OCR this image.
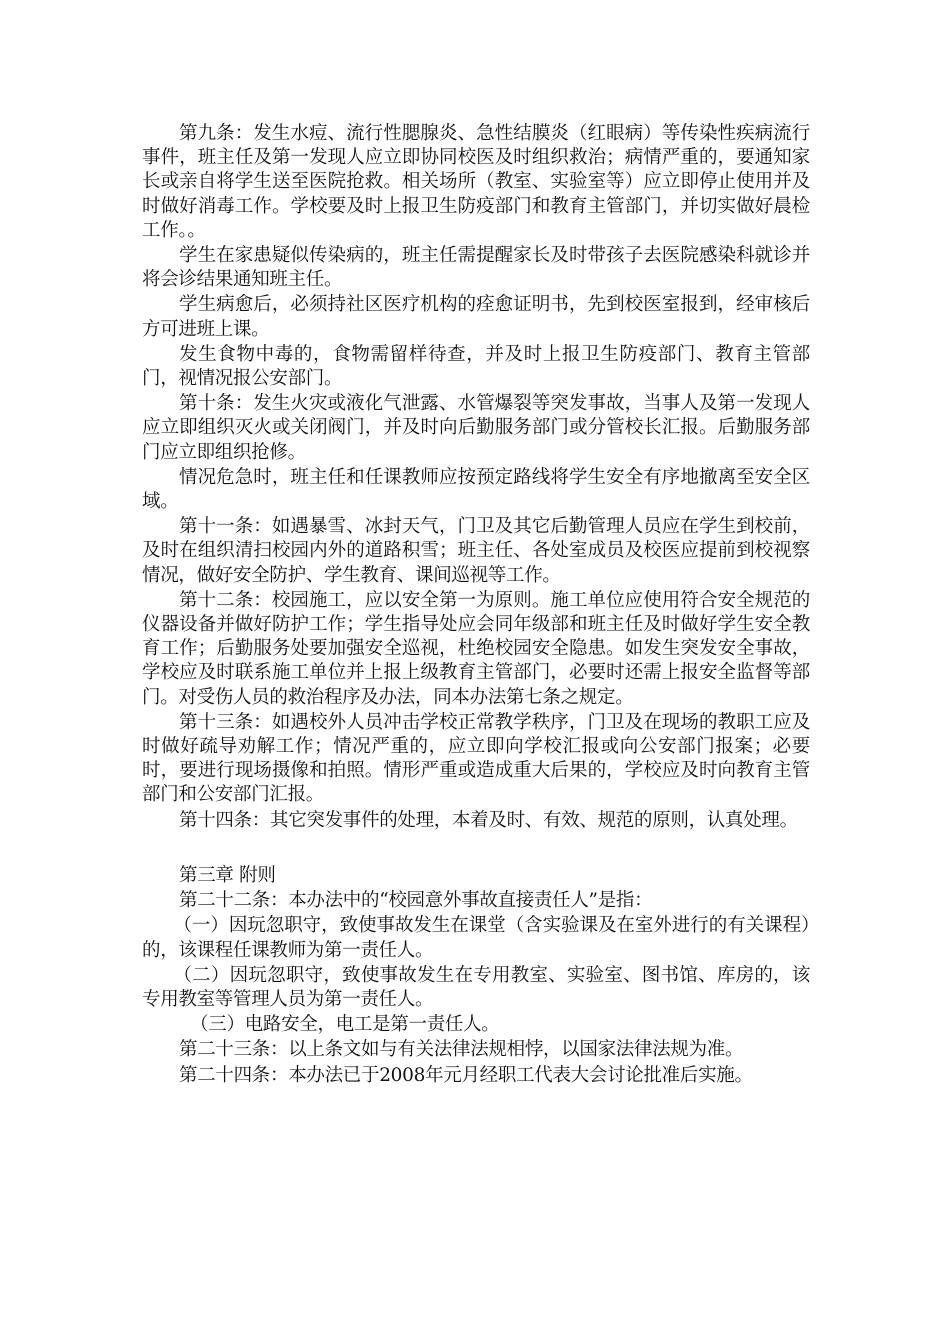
第九条：发生水痘、流行性腮腺炎、急性结膜炎（红眼病）等传染性疾病流行事件，班主任及第一发现人应立即协同校医及时组织救治；病情严重的，要通知家长或亲自将学生送至医院抢救。相关场所（教室、实验室等）应立即停止使用并及时做好消毒工作。学校要及时上报卫生防疫部门和教育主管部门，并切实做好晨检工作。。

学生在家患疑似传染病的，班主任需提醒家长及时带孩子去医院感染科就诊并将会诊结果通知班主任。

学生病愈后，必须持社区医疗机构的痊愈证明书，先到校医室报到，经审核后方可进班上课。

发生食物中毒的，食物需留样待查，并及时上报卫生防疫部门、教育主管部门，视情况报公安部门。

第十条：发生火灾或液化气泄露、水管爆裂等突发事故，当事人及第一发现人应立即组织灭火或关闭阀门，并及时向后勤服务部门或分管校长汇报。后勤服务部门应立即组织抢修。

情况危急时，班主任和任课教师应按预定路线将学生安全有序地撤离至安全区域。

第十一条：如遇暴雪、冰封天气，门卫及其它后勤管理人员应在学生到校前，及时在组织清扫校园内外的道路积雪；班主任、各处室成员及校医应提前到校视察情况，做好安全防护、学生教育、课间巡视等工作。

第十二条：校园施工，应以安全第一为原则。施工单位应使用符合安全规范的仪器设备并做好防护工作；学生指导处应会同年级部和班主任及时做好学生安全教育工作；后勤服务处要加强安全巡视，杜绝校园安全隐患。如发生突发安全事故，学校应及时联系施工单位并上报上级教育主管部门，必要时还需上报安全监督等部门。对受伤人员的救治程序及办法，同本办法第七条之规定。

第十三条：如遇校外人员冲击学校正常教学秩序，门卫及在现场的教职工应及时做好疏导劝解工作；情况严重的，应立即向学校汇报或向公安部门报案；必要时，要进行现场摄像和拍照。情形严重或造成重大后果的，学校应及时向教育主管部门和公安部门汇报。

第十四条：其它突发事件的处理，本着及时、有效、规范的原则，认真处理。

第三章 附则

第二十二条：本办法中的“校园意外事故直接责任人”是指：

（一）因玩忽职守，致使事故发生在课堂（含实验课及在室外进行的有关课程）的，该课程任课教师为第一责任人。

（二）因玩忽职守，致使事故发生在专用教室、实验室、图书馆、库房的，该专用教室等管理人员为第一责任人。

（三）电路安全，电工是第一责任人。

第二十三条：以上条文如与有关法律法规相悖，以国家法律法规为准。

第二十四条：本办法已于2008年元月经职工代表大会讨论批准后实施。
